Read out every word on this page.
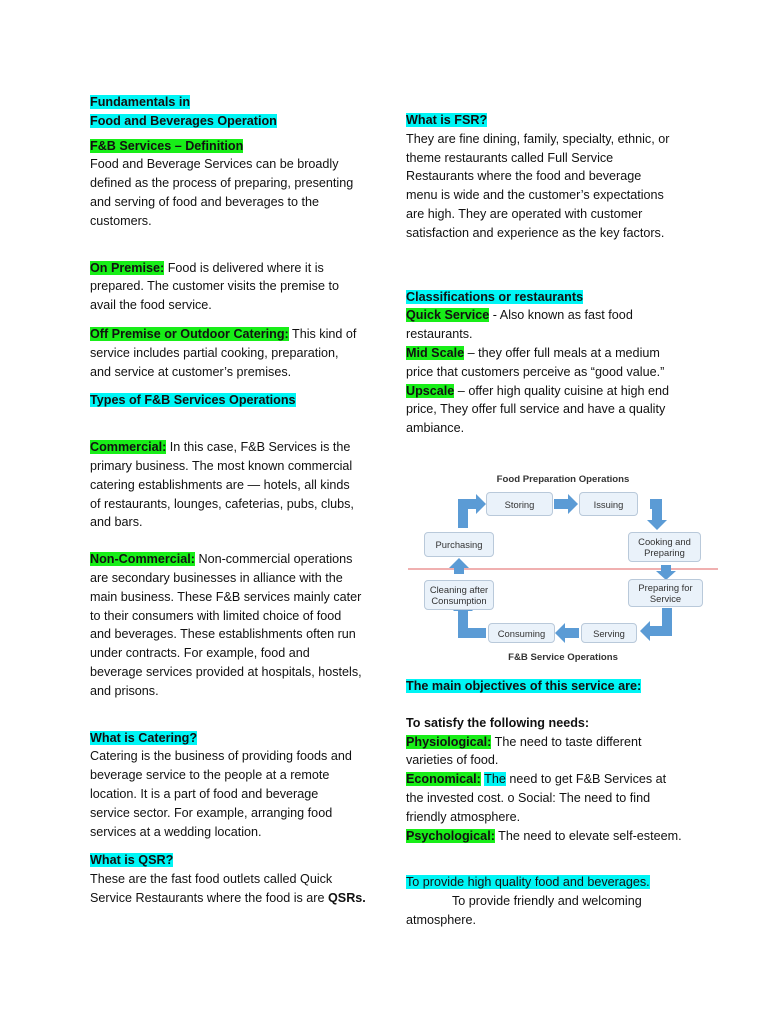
Fundamentals in

Food and Beverages Operation

F&B Services – Definition

Food and Beverage Services can be broadly

defined as the process of preparing, presenting

and serving of food and beverages to the

customers.

On Premise: Food is delivered where it is

prepared. The customer visits the premise to

avail the food service.

Off Premise or Outdoor Catering: This kind of

service includes partial cooking, preparation,

and service at customer’s premises.

Types of F&B Services Operations

Commercial: In this case, F&B Services is the

primary business. The most known commercial

catering establishments are — hotels, all kinds

of restaurants, lounges, cafeterias, pubs, clubs,

and bars.

Non-Commercial: Non-commercial operations

are secondary businesses in alliance with the

main business. These F&B services mainly cater

to their consumers with limited choice of food

and beverages. These establishments often run

under contracts. For example, food and

beverage services provided at hospitals, hostels,

and prisons.

What is Catering?

Catering is the business of providing foods and

beverage service to the people at a remote

location. It is a part of food and beverage

service sector. For example, arranging food

services at a wedding location.

What is QSR?

These are the fast food outlets called Quick

Service Restaurants where the food is are QSRs.

What is FSR?

They are fine dining, family, specialty, ethnic, or

theme restaurants called Full Service

Restaurants where the food and beverage

menu is wide and the customer’s expectations

are high. They are operated with customer

satisfaction and experience as the key factors.

Classifications or restaurants

Quick Service - Also known as fast food

restaurants.

Mid Scale – they offer full meals at a medium

price that customers perceive as “good value.”

Upscale – offer high quality cuisine at high end

price, They offer full service and have a quality

ambiance.

Food Preparation Operations
Storing	Issuing
Purchasing	Cooking and Preparing
Cleaning after Consumption
Preparing for Service
Consuming	Serving
F&B Service Operations

The main objectives of this service are:

To satisfy the following needs:

Physiological: The need to taste different

varieties of food.

Economical: The need to get F&B Services at

the invested cost. o Social: The need to find

friendly atmosphere.

Psychological: The need to elevate self-esteem.

To provide high quality food and beverages.

To provide friendly and welcoming

atmosphere.
